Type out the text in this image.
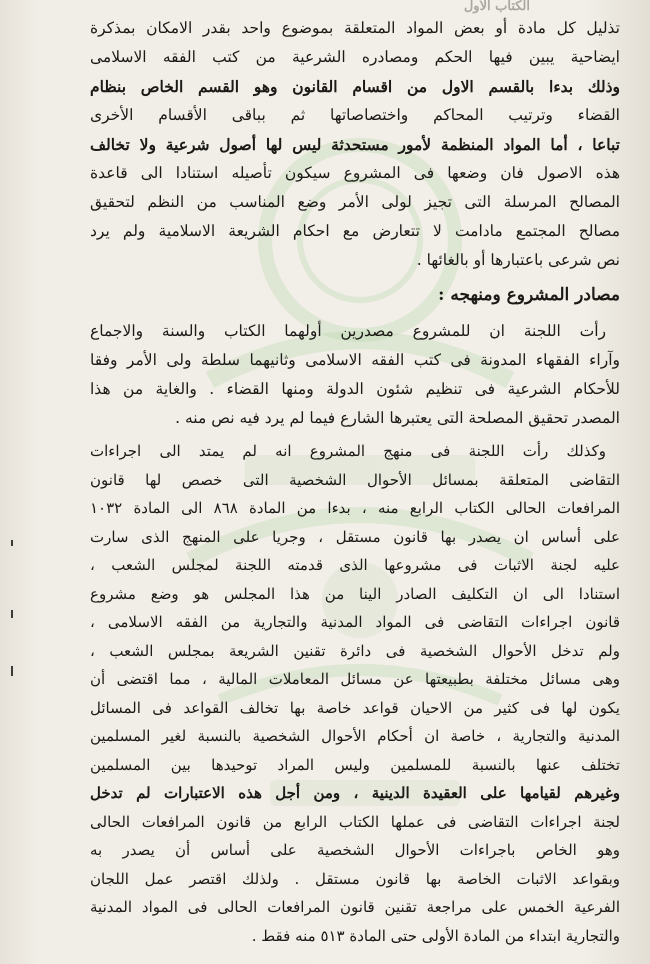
الكتاب الأول
تذليل كل مادة أو بعض المواد المتعلقة بموضوع واحد بقدر الامكان بمذكرة
ايضاحية يبين فيها الحكم ومصادره الشرعية من كتب الفقه الاسلامى
وذلك بدءا بالقسم الاول من اقسام القانون وهو القسم الخاص بنظام
القضاء وترتيب المحاكم واختصاصاتها ثم بباقى الأقسام الأخرى
تباعا ، أما المواد المنظمة لأمور مستحدثة ليس لها أصول شرعية ولا تخالف
هذه الاصول فان وضعها فى المشروع سيكون تأصيله استنادا الى قاعدة
المصالح المرسلة التى تجيز لولى الأمر وضع المناسب من النظم لتحقيق
مصالح المجتمع مادامت لا تتعارض مع احكام الشريعة الاسلامية ولم يرد
نص شرعى باعتبارها أو بالغائها .
مصادر المشروع ومنهجه :
رأت اللجنة ان للمشروع مصدرين أولهما الكتاب والسنة والاجماع
وآراء الفقهاء المدونة فى كتب الفقه الاسلامى وثانيهما سلطة ولى الأمر وفقا
للأحكام الشرعية فى تنظيم شئون الدولة ومنها القضاء . والغاية من هذا
المصدر تحقيق المصلحة التى يعتبرها الشارع فيما لم يرد فيه نص منه .
وكذلك رأت اللجنة فى منهج المشروع انه لم يمتد الى اجراءات
التقاضى المتعلقة بمسائل الأحوال الشخصية التى خصص لها قانون
المرافعات الحالى الكتاب الرابع منه ، بدءا من المادة ٨٦٨ الى المادة ١٠٣٢
على أساس ان يصدر بها قانون مستقل ، وجريا على المنهج الذى سارت
عليه لجنة الاثبات فى مشروعها الذى قدمته اللجنة لمجلس الشعب ،
استنادا الى ان التكليف الصادر الينا من هذا المجلس هو وضع مشروع
قانون اجراءات التقاضى فى المواد المدنية والتجارية من الفقه الاسلامى ،
ولم تدخل الأحوال الشخصية فى دائرة تقنين الشريعة بمجلس الشعب ،
وهى مسائل مختلفة بطبيعتها عن مسائل المعاملات المالية ، مما اقتضى أن
يكون لها فى كثير من الاحيان قواعد خاصة بها تخالف القواعد فى المسائل
المدنية والتجارية ، خاصة ان أحكام الأحوال الشخصية بالنسبة لغير المسلمين
تختلف عنها بالنسبة للمسلمين وليس المراد توحيدها بين المسلمين
وغيرهم لقيامها على العقيدة الدينية ، ومن أجل هذه الاعتبارات لم تدخل
لجنة اجراءات التقاضى فى عملها الكتاب الرابع من قانون المرافعات الحالى
وهو الخاص باجراءات الأحوال الشخصية على أساس أن يصدر به
وبقواعد الاثبات الخاصة بها قانون مستقل . ولذلك اقتصر عمل اللجان
الفرعية الخمس على مراجعة تقنين قانون المرافعات الحالى فى المواد المدنية
والتجارية ابتداء من المادة الأولى حتى المادة ٥١٣ منه فقط .
